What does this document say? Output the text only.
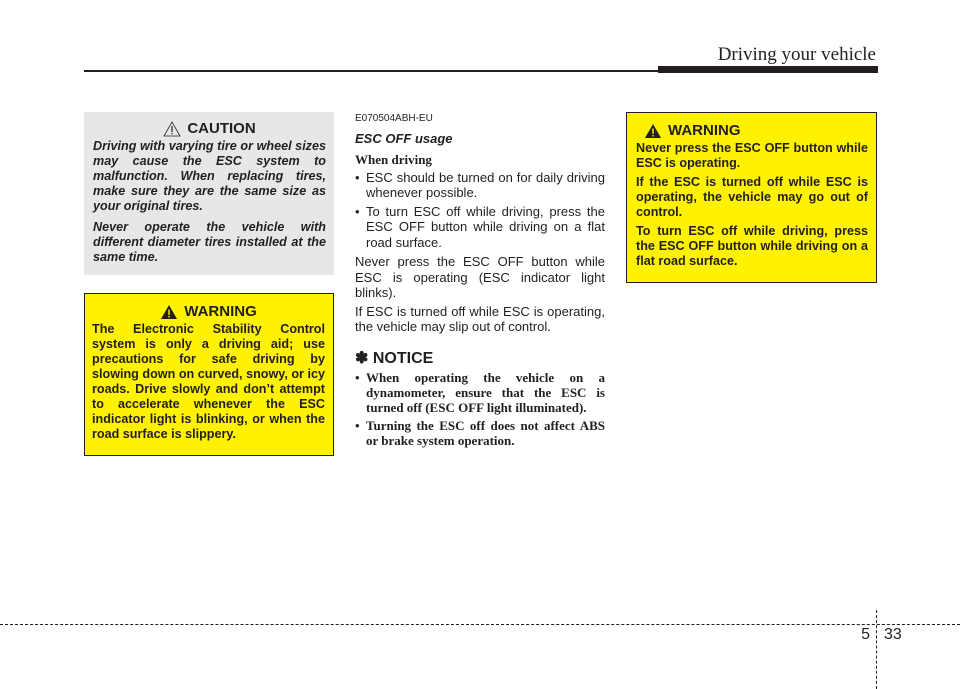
Driving your vehicle
CAUTION

Driving with varying tire or wheel sizes may cause the ESC system to malfunction. When replacing tires, make sure they are the same size as your original tires.

Never operate the vehicle with different diameter tires installed at the same time.

WARNING

The Electronic Stability Control system is only a driving aid; use precautions for safe driving by slowing down on curved, snowy, or icy roads. Drive slowly and don’t attempt to accelerate whenever the ESC indicator light is blinking, or when the road surface is slippery.

E070504ABH-EU
ESC OFF usage
When driving
• ESC should be turned on for daily driving whenever possible.
• To turn ESC off while driving, press the ESC OFF button while driving on a flat road surface.

Never press the ESC OFF button while ESC is operating (ESC indicator light blinks).

If ESC is turned off while ESC is operating, the vehicle may slip out of control.

✽ NOTICE
• When operating the vehicle on a dynamometer, ensure that the ESC is turned off (ESC OFF light illuminated).
• Turning the ESC off does not affect ABS or brake system operation.
WARNING

Never press the ESC OFF button while ESC is operating.

If the ESC is turned off while ESC is operating, the vehicle may go out of control.

To turn ESC off while driving, press the ESC OFF button while driving on a flat road surface.

5 33
